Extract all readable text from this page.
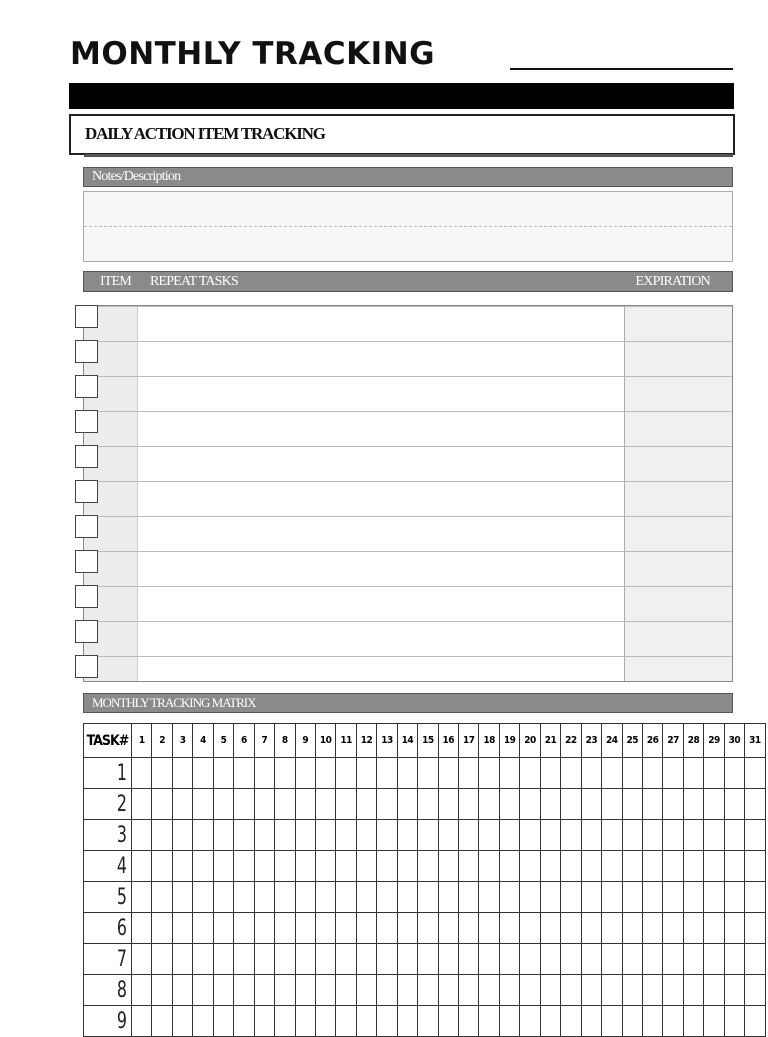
MONTHLY TRACKING
DAILY ACTION ITEM TRACKING
Notes/Description
ITEM REPEAT TASKS	EXPIRATION
MONTHLY TRACKING MATRIX
TASK#	1	2	3	4	5	6	7	8	9	10	11	12	13	14	15	16	17	18	19	20	21	22	23	24	25	26	27	28	29	30	31
1																															
2																															
3																															
4																															
5																															
6																															
7																															
8																															
9																															
